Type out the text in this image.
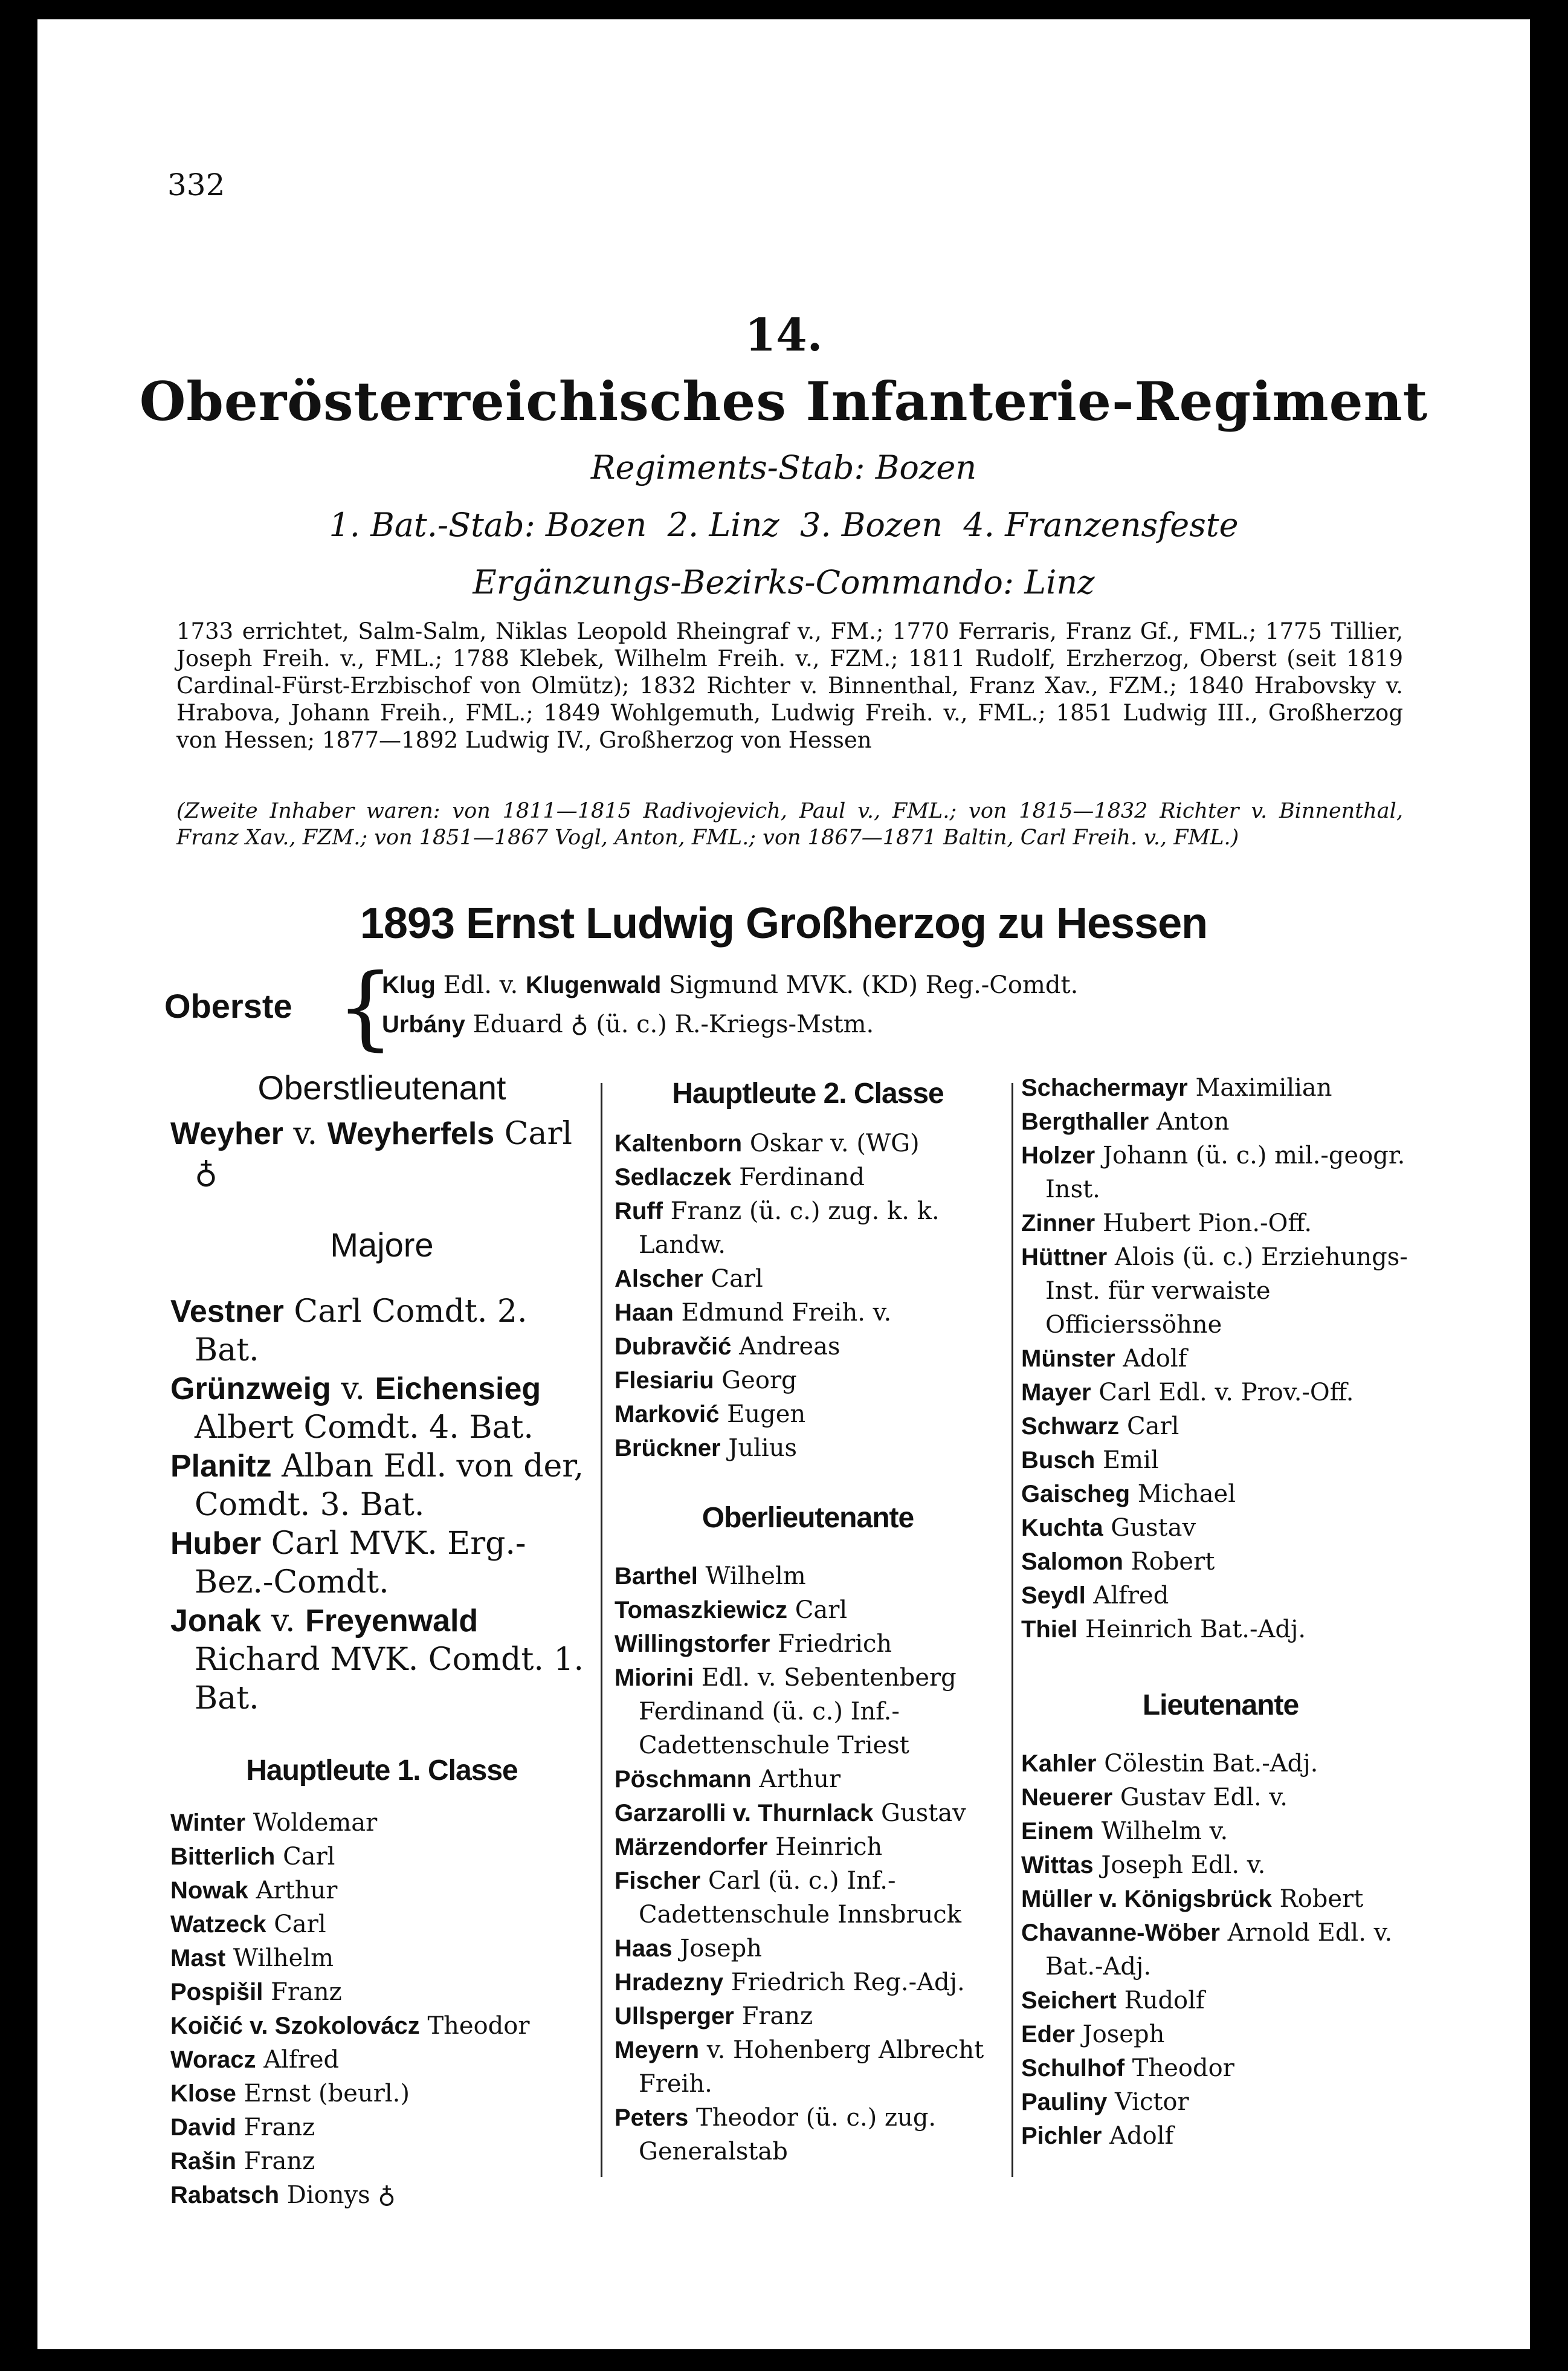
332
14.
Oberösterreichisches Infanterie-Regiment
Regiments-Stab: Bozen
1. Bat.-Stab: Bozen  2. Linz  3. Bozen  4. Franzensfeste
Ergänzungs-Bezirks-Commando: Linz
1733 errichtet, Salm-Salm, Niklas Leopold Rheingraf v., FM.; 1770 Ferraris, Franz Gf., FML.; 1775 Tillier, Joseph Freih. v., FML.; 1788 Klebek, Wilhelm Freih. v., FZM.; 1811 Rudolf, Erzherzog, Oberst (seit 1819 Cardinal-Fürst-Erzbischof von Olmütz); 1832 Richter v. Binnenthal, Franz Xav., FZM.; 1840 Hrabovsky v. Hrabova, Johann Freih., FML.; 1849 Wohlgemuth, Ludwig Freih. v., FML.; 1851 Ludwig III., Großherzog von Hessen; 1877—1892 Ludwig IV., Großherzog von Hessen
(Zweite Inhaber waren: von 1811—1815 Radivojevich, Paul v., FML.; von 1815—1832 Richter v. Binnenthal, Franz Xav., FZM.; von 1851—1867 Vogl, Anton, FML.; von 1867—1871 Baltin, Carl Freih. v., FML.)
1893 Ernst Ludwig Großherzog zu Hessen
Oberste {
Klug Edl. v. Klugenwald Sigmund MVK. (KD) Reg.-Comdt.
Urbány Eduard ♁ (ü. c.) R.-Kriegs-Mstm.
Oberstlieutenant
Weyher v. Weyherfels Carl ♁
Majore
Vestner Carl Comdt. 2. Bat.
Grünzweig v. Eichensieg Albert Comdt. 4. Bat.
Planitz Alban Edl. von der, Comdt. 3. Bat.
Huber Carl MVK. Erg.-Bez.-Comdt.
Jonak v. Freyenwald Richard MVK. Comdt. 1. Bat.
Hauptleute 1. Classe
Winter Woldemar
Bitterlich Carl
Nowak Arthur
Watzeck Carl
Mast Wilhelm
Pospišil Franz
Koičić v. Szokolovácz Theodor
Woracz Alfred
Klose Ernst (beurl.)
David Franz
Rašin Franz
Rabatsch Dionys ♁
Hauptleute 2. Classe
Kaltenborn Oskar v. (WG)
Sedlaczek Ferdinand
Ruff Franz (ü. c.) zug. k. k. Landw.
Alscher Carl
Haan Edmund Freih. v.
Dubravčić Andreas
Flesiariu Georg
Marković Eugen
Brückner Julius
Oberlieutenante
Barthel Wilhelm
Tomaszkiewicz Carl
Willingstorfer Friedrich
Miorini Edl. v. Sebentenberg Ferdinand (ü. c.) Inf.-Cadettenschule Triest
Pöschmann Arthur
Garzarolli v. Thurnlack Gustav
Märzendorfer Heinrich
Fischer Carl (ü. c.) Inf.-Cadettenschule Innsbruck
Haas Joseph
Hradezny Friedrich Reg.-Adj.
Ullsperger Franz
Meyern v. Hohenberg Albrecht Freih.
Peters Theodor (ü. c.) zug. Generalstab
Schachermayr Maximilian
Bergthaller Anton
Holzer Johann (ü. c.) mil.-geogr. Inst.
Zinner Hubert Pion.-Off.
Hüttner Alois (ü. c.) Erziehungs-Inst. für verwaiste Officierssöhne
Münster Adolf
Mayer Carl Edl. v. Prov.-Off.
Schwarz Carl
Busch Emil
Gaischeg Michael
Kuchta Gustav
Salomon Robert
Seydl Alfred
Thiel Heinrich Bat.-Adj.
Lieutenante
Kahler Cölestin Bat.-Adj.
Neuerer Gustav Edl. v.
Einem Wilhelm v.
Wittas Joseph Edl. v.
Müller v. Königsbrück Robert
Chavanne-Wöber Arnold Edl. v. Bat.-Adj.
Seichert Rudolf
Eder Joseph
Schulhof Theodor
Pauliny Victor
Pichler Adolf
